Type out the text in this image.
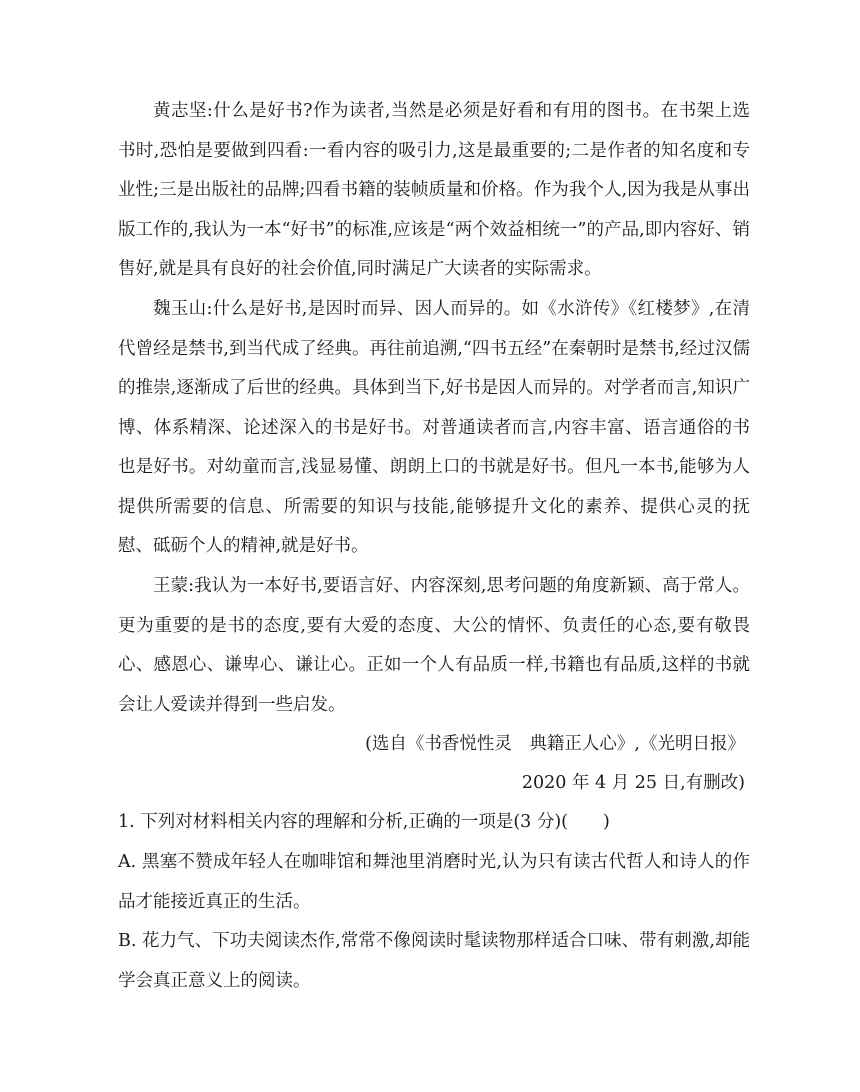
黄志坚:什么是好书?作为读者,当然是必须是好看和有用的图书。在书架上选书时,恐怕是要做到四看:一看内容的吸引力,这是最重要的;二是作者的知名度和专业性;三是出版社的品牌;四看书籍的装帧质量和价格。作为我个人,因为我是从事出版工作的,我认为一本“好书”的标准,应该是“两个效益相统一”的产品,即内容好、销售好,就是具有良好的社会价值,同时满足广大读者的实际需求。

魏玉山:什么是好书,是因时而异、因人而异的。如《水浒传》《红楼梦》,在清代曾经是禁书,到当代成了经典。再往前追溯,“四书五经”在秦朝时是禁书,经过汉儒的推崇,逐渐成了后世的经典。具体到当下,好书是因人而异的。对学者而言,知识广博、体系精深、论述深入的书是好书。对普通读者而言,内容丰富、语言通俗的书也是好书。对幼童而言,浅显易懂、朗朗上口的书就是好书。但凡一本书,能够为人提供所需要的信息、所需要的知识与技能,能够提升文化的素养、提供心灵的抚慰、砥砺个人的精神,就是好书。

王蒙:我认为一本好书,要语言好、内容深刻,思考问题的角度新颖、高于常人。更为重要的是书的态度,要有大爱的态度、大公的情怀、负责任的心态,要有敬畏心、感恩心、谦卑心、谦让心。正如一个人有品质一样,书籍也有品质,这样的书就会让人爱读并得到一些启发。

(选自《书香悦性灵　典籍正人心》,《光明日报》

2020 年 4 月 25 日,有删改)

1. 下列对材料相关内容的理解和分析,正确的一项是(3 分)(　　)

A. 黑塞不赞成年轻人在咖啡馆和舞池里消磨时光,认为只有读古代哲人和诗人的作品才能接近真正的生活。

B. 花力气、下功夫阅读杰作,常常不像阅读时髦读物那样适合口味、带有刺激,却能学会真正意义上的阅读。
